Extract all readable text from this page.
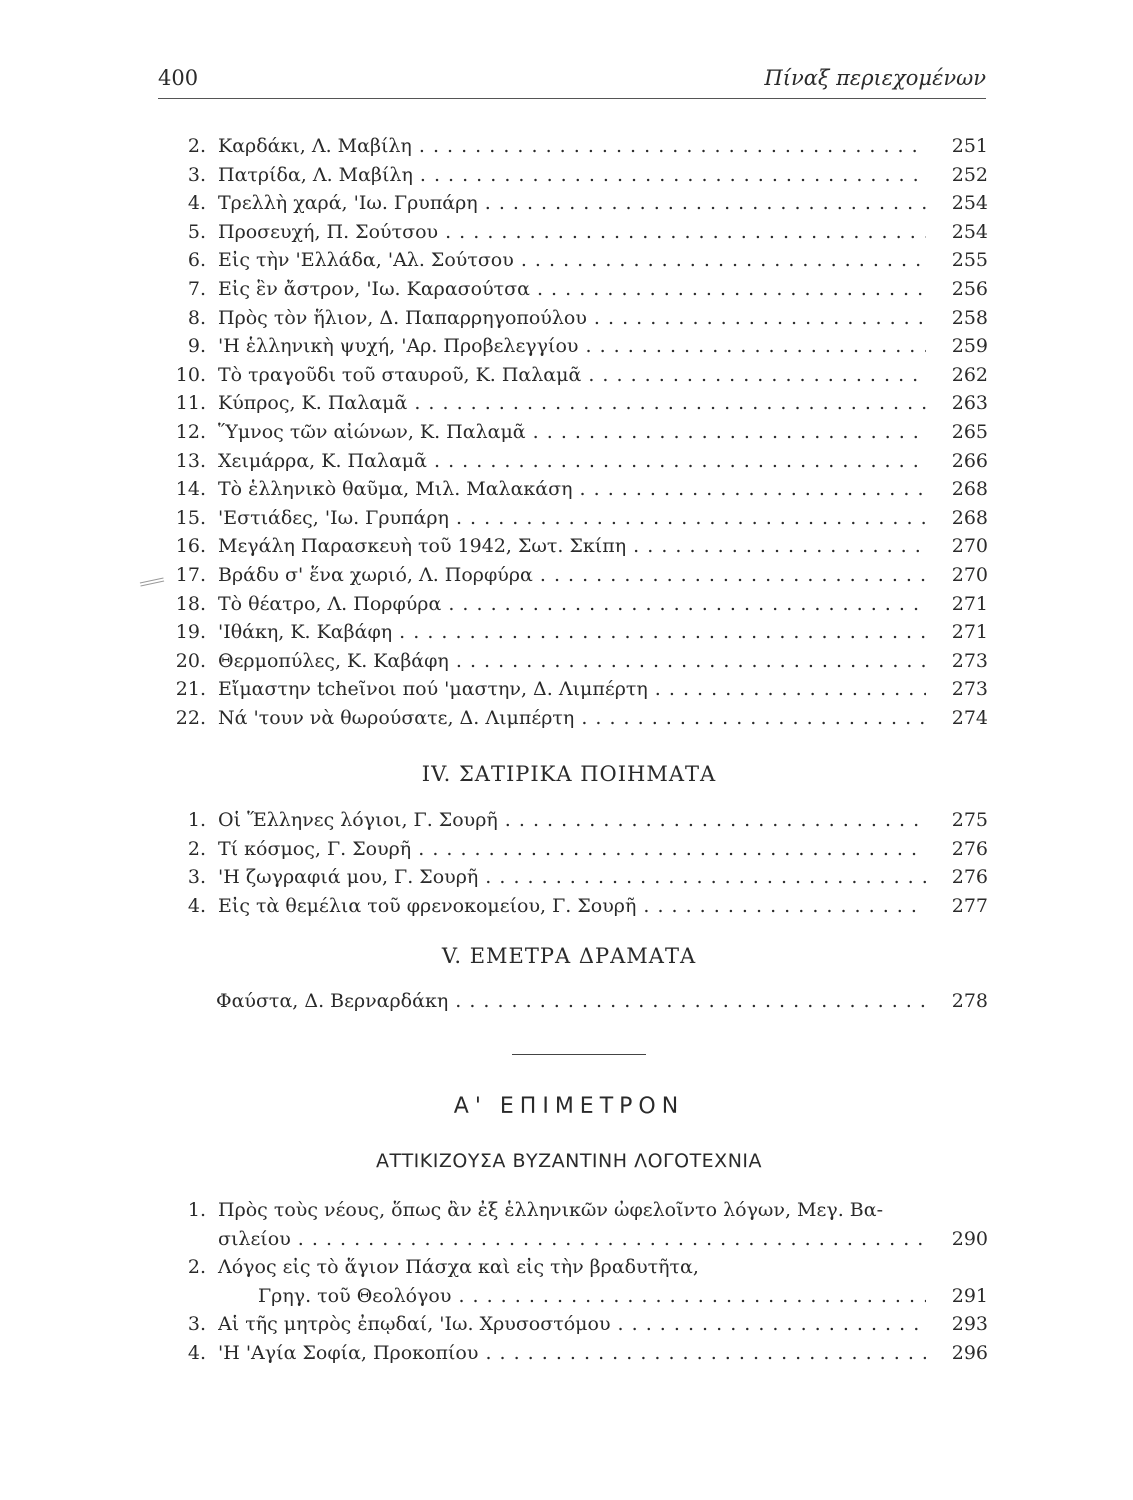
400	Πίναξ περιεχομένων
2. Καρδάκι, Λ. Μαβίλη . . .	251
3. Πατρίδα, Λ. Μαβίλη . . .	252
4. Τρελλὴ χαρά, 'Ιω. Γρυπάρη . . .	254
5. Προσευχή, Π. Σούτσου . . .	254
6. Εἰς τὴν 'Ελλάδα, 'Αλ. Σούτσου . . .	255
7. Εἰς ἓν ἄστρον, 'Ιω. Καρασούτσα . . .	256
8. Πρὸς τὸν ἥλιον, Δ. Παπαρρηγοπούλου . . .	258
9. 'Η ἑλληνικὴ ψυχή, 'Αρ. Προβελεγγίου . . .	259
10. Τὸ τραγοῦδι τοῦ σταυροῦ, Κ. Παλαμᾶ . . .	262
11. Κύπρος, Κ. Παλαμᾶ . . .	263
12. Ὕμνος τῶν αἰώνων, Κ. Παλαμᾶ . . .	265
13. Χειμάρρα, Κ. Παλαμᾶ . . .	266
14. Τὸ ἑλληνικὸ θαῦμα, Μιλ. Μαλακάση . . .	268
15. 'Εστιάδες, 'Ιω. Γρυπάρη . . .	268
16. Μεγάλη Παρασκευὴ τοῦ 1942, Σωτ. Σκίπη . . .	270
17. Βράδυ σ' ἕνα χωριό, Λ. Πορφύρα . . .	270
18. Τὸ θέατρο, Λ. Πορφύρα . . .	271
19. 'Ιθάκη, Κ. Καβάφη . . .	271
20. Θερμοπύλες, Κ. Καβάφη . . .	273
21. Εἴμαστην tcheῖνοι πού 'μαστην, Δ. Λιμπέρτη . . .	273
22. Νά 'τουν νὰ θωρούσατε, Δ. Λιμπέρτη . . .	274
IV. ΣΑΤΙΡΙΚΑ ΠΟΙΗΜΑΤΑ
1. Οἱ Ἕλληνες λόγιοι, Γ. Σουρῆ . . .	275
2. Τί κόσμος, Γ. Σουρῆ . . .	276
3. 'Η ζωγραφιά μου, Γ. Σουρῆ . . .	276
4. Εἰς τὰ θεμέλια τοῦ φρενοκομείου, Γ. Σουρῆ . . .	277
V. ΕΜΕΤΡΑ ΔΡΑΜΑΤΑ
Φαύστα, Δ. Βερναρδάκη . . .	278
Α' ΕΠΙΜΕΤΡΟΝ
ΑΤΤΙΚΙΖΟΥΣΑ ΒΥΖΑΝΤΙΝΗ ΛΟΓΟΤΕΧΝΙΑ
1. Πρὸς τοὺς νέους, ὅπως ἂν ἐξ ἑλληνικῶν ὠφελοῖντο λόγων, Μεγ. Βα-
σιλείου . . .	290
2. Λόγος εἰς τὸ ἅγιον Πάσχα καὶ εἰς τὴν βραδυτῆτα,
Γρηγ. τοῦ Θεολόγου . . .	291
3. Αἱ τῆς μητρὸς ἐπῳδαί, 'Ιω. Χρυσοστόμου . . .	293
4. 'Η 'Αγία Σοφία, Προκοπίου . . .	296
